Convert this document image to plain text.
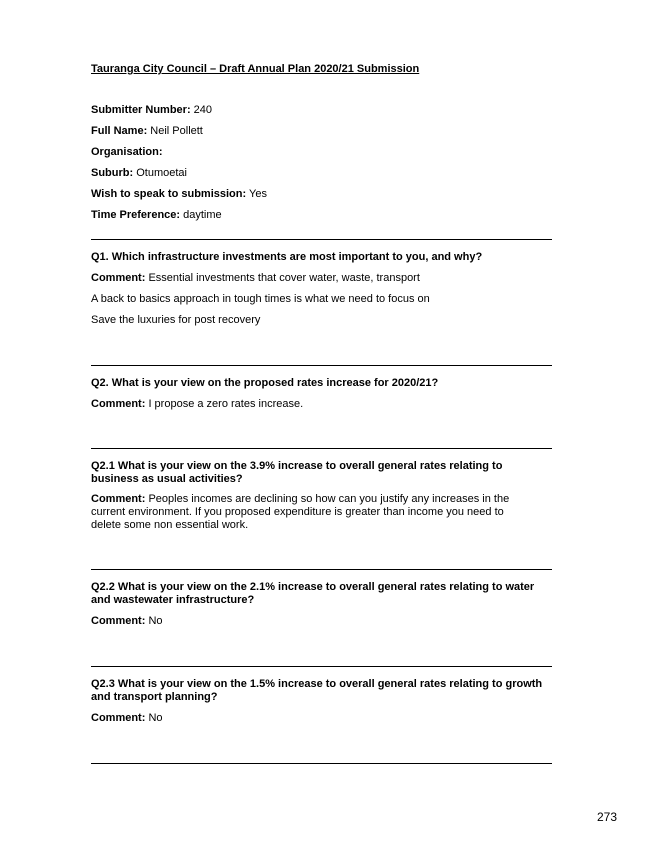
Tauranga City Council – Draft Annual Plan 2020/21 Submission
Submitter Number: 240
Full Name: Neil Pollett
Organisation:
Suburb: Otumoetai
Wish to speak to submission: Yes
Time Preference: daytime
Q1. Which infrastructure investments are most important to you, and why?
Comment: Essential investments that cover water, waste, transport
A back to basics approach in tough times is what we need to focus on
Save the luxuries for post recovery
Q2. What is your view on the proposed rates increase for 2020/21?
Comment: I propose a zero rates increase.
Q2.1 What is your view on the 3.9% increase to overall general rates relating to business as usual activities?
Comment: Peoples incomes are declining so how can you justify any increases in the current environment. If you proposed expenditure is greater than income you need to delete some non essential work.
Q2.2 What is your view on the 2.1% increase to overall general rates relating to water and wastewater infrastructure?
Comment: No
Q2.3 What is your view on the 1.5% increase to overall general rates relating to growth and transport planning?
Comment: No
273
